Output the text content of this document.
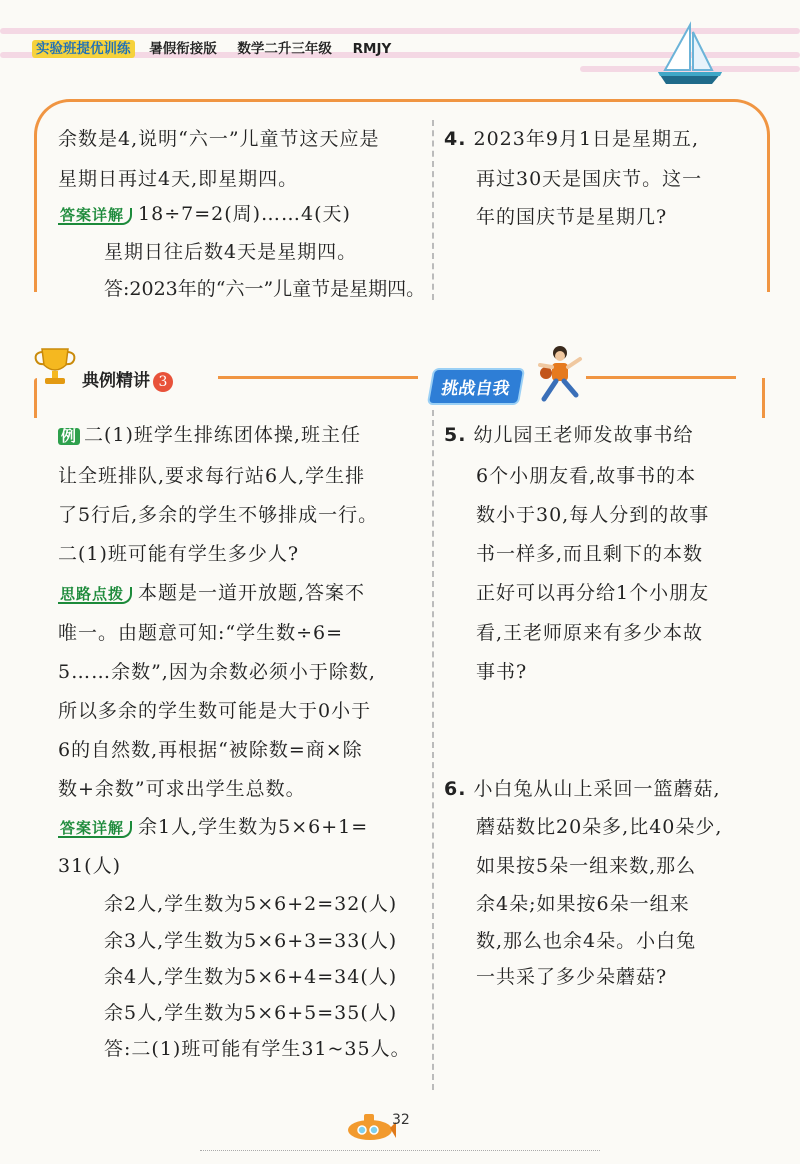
实验班提优训练 暑假衔接版 数学二升三年级 RMJY
余数是4,说明“六一”儿童节这天应是
星期日再过4天,即星期四。
答案详解 18÷7=2(周)……4(天)
星期日往后数4天是星期四。
答:2023年的“六一”儿童节是星期四。
4. 2023年9月1日是星期五,
再过30天是国庆节。这一
年的国庆节是星期几?
典例精讲 3	挑战自我
例 二(1)班学生排练团体操,班主任
让全班排队,要求每行站6人,学生排
了5行后,多余的学生不够排成一行。
二(1)班可能有学生多少人?
思路点拨 本题是一道开放题,答案不
唯一。由题意可知:“学生数÷6=
5……余数”,因为余数必须小于除数,
所以多余的学生数可能是大于0小于
6的自然数,再根据“被除数=商×除
数+余数”可求出学生总数。
答案详解 余1人,学生数为5×6+1=
31(人)
余2人,学生数为5×6+2=32(人)
余3人,学生数为5×6+3=33(人)
余4人,学生数为5×6+4=34(人)
余5人,学生数为5×6+5=35(人)
答:二(1)班可能有学生31~35人。
5. 幼儿园王老师发故事书给
6个小朋友看,故事书的本
数小于30,每人分到的故事
书一样多,而且剩下的本数
正好可以再分给1个小朋友
看,王老师原来有多少本故
事书?
6. 小白兔从山上采回一篮蘑菇,
蘑菇数比20朵多,比40朵少,
如果按5朵一组来数,那么
余4朵;如果按6朵一组来
数,那么也余4朵。小白兔
一共采了多少朵蘑菇?
32
